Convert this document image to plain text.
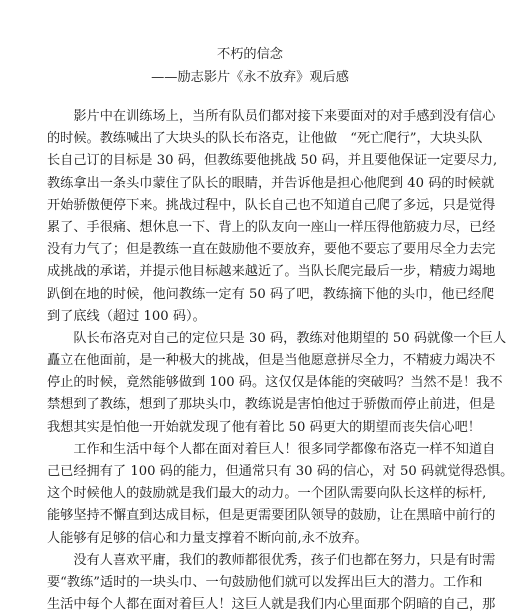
不朽的信念
——励志影片《永不放弃》观后感
　　影片中在训练场上，当所有队员们都对接下来要面对的对手感到没有信心
的时候。教练喊出了大块头的队长布洛克，让他做　“死亡爬行”，大块头队
长自己订的目标是 30 码，但教练要他挑战 50 码，并且要他保证一定要尽力,
教练拿出一条头巾蒙住了队长的眼睛，并告诉他是担心他爬到 40 码的时候就
开始骄傲便停下来。挑战过程中，队长自己也不知道自己爬了多远，只是觉得
累了、手很痛、想休息一下、背上的队友向一座山一样压得他筋疲力尽，已经
没有力气了；但是教练一直在鼓励他不要放弃，要他不要忘了要用尽全力去完
成挑战的承诺，并提示他目标越来越近了。当队长爬完最后一步，精疲力竭地
趴倒在地的时候，他问教练一定有 50 码了吧，教练摘下他的头巾，他已经爬
到了底线（超过 100 码）。
　　队长布洛克对自己的定位只是 30 码，教练对他期望的 50 码就像一个巨人
矗立在他面前，是一种极大的挑战，但是当他愿意拼尽全力，不精疲力竭决不
停止的时候，竟然能够做到 100 码。这仅仅是体能的突破吗？当然不是！我不
禁想到了教练，想到了那块头巾，教练说是害怕他过于骄傲而停止前进，但是
我想其实是怕他一开始就发现了他有着比 50 码更大的期望而丧失信心吧！
　　工作和生活中每个人都在面对着巨人！很多同学都像布洛克一样不知道自
己已经拥有了 100 码的能力，但通常只有 30 码的信心，对 50 码就觉得恐惧。
这个时候他人的鼓励就是我们最大的动力。一个团队需要向队长这样的标杆,
能够坚持不懈直到达成目标，但是更需要团队领导的鼓励，让在黑暗中前行的
人能够有足够的信心和力量支撑着不断向前,永不放弃。
　　没有人喜欢平庸，我们的教师都很优秀，孩子们也都在努力，只是有时需
要“教练”适时的一块头巾、一句鼓励他们就可以发挥出巨大的潜力。工作和
生活中每个人都在面对着巨人！这巨人就是我们内心里面那个阴暗的自己，那
